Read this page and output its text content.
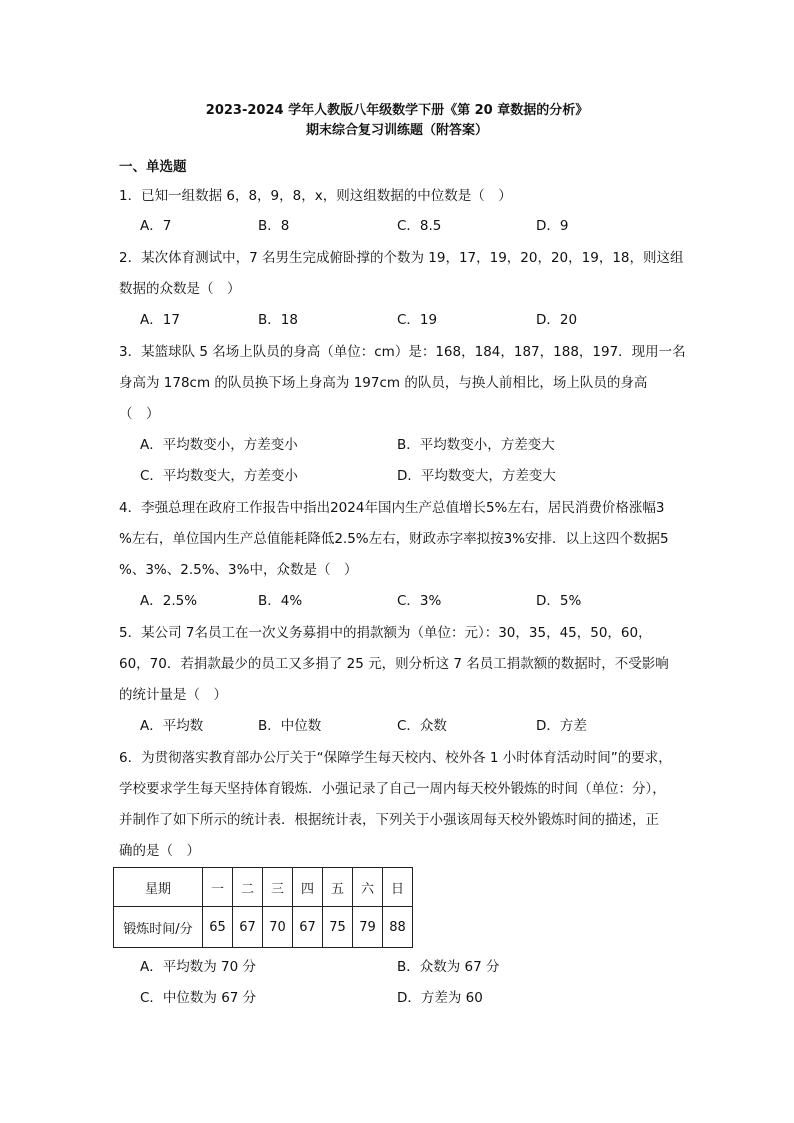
2023-2024 学年人教版八年级数学下册《第 20 章数据的分析》
期末综合复习训练题（附答案）
一、单选题
1．已知一组数据 6，8，9，8，x，则这组数据的中位数是（　）
A．7	B．8	C．8.5	D．9
2．某次体育测试中，7 名男生完成俯卧撑的个数为 19，17，19，20，20，19，18，则这组
数据的众数是（　）
A．17	B．18	C．19	D．20
3．某篮球队 5 名场上队员的身高（单位：cm）是：168，184，187，188，197．现用一名
身高为 178cm 的队员换下场上身高为 197cm 的队员，与换人前相比，场上队员的身高
（　）
A．平均数变小，方差变小	B．平均数变小，方差变大
C．平均数变大，方差变小	D．平均数变大，方差变大
4．李强总理在政府工作报告中指出2024年国内生产总值增长5%左右，居民消费价格涨幅3
%左右，单位国内生产总值能耗降低2.5%左右，财政赤字率拟按3%安排．以上这四个数据5
%、3%、2.5%、3%中，众数是（　）
A．2.5%	B．4%	C．3%	D．5%
5．某公司 7名员工在一次义务募捐中的捐款额为（单位：元）：30，35，45，50，60，
60，70．若捐款最少的员工又多捐了 25 元，则分析这 7 名员工捐款额的数据时，不受影响
的统计量是（　）
A．平均数	B．中位数	C．众数	D．方差
6．为贯彻落实教育部办公厅关于“保障学生每天校内、校外各 1 小时体育活动时间”的要求，
学校要求学生每天坚持体育锻炼．小强记录了自己一周内每天校外锻炼的时间（单位：分），
并制作了如下所示的统计表．根据统计表，下列关于小强该周每天校外锻炼时间的描述，正
确的是（　）
星期	一	二	三	四	五	六	日
锻炼时间/分	65	67	70	67	75	79	88
A．平均数为 70 分	B．众数为 67 分
C．中位数为 67 分	D．方差为 60
